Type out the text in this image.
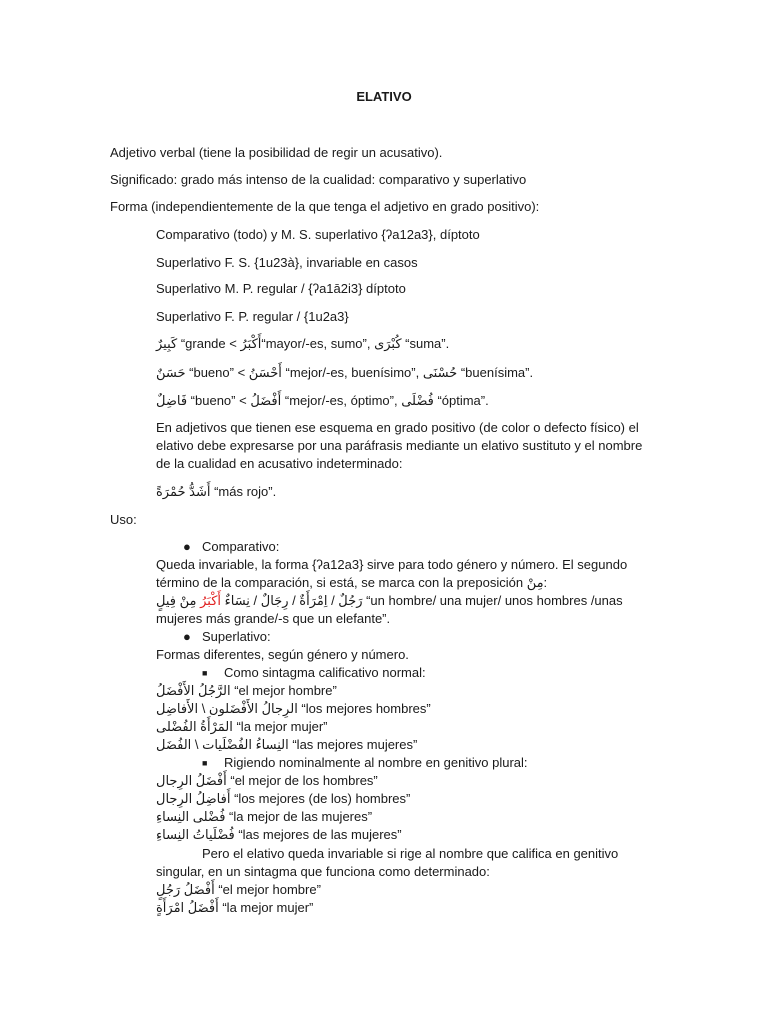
ELATIVO
Adjetivo verbal (tiene la posibilidad de regir un acusativo).
Significado: grado más intenso de la cualidad: comparativo y superlativo
Forma (independientemente de la que tenga el adjetivo en grado positivo):
Comparativo (todo) y M. S. superlativo {ʔa12a3}, díptoto
Superlativo F. S. {1u23à}, invariable en casos
Superlativo M. P. regular / {ʔa1ā2i3} díptoto
Superlativo F. P. regular / {1u2a3}
كَبِيرٌ “grande < أَكْبَرُ“mayor/-es, sumo”, كُبْرَى “suma”.
حَسَنٌ “bueno” < أَحْسَنُ “mejor/-es, buenísimo”, حُسْنَى “buenísima”.
فَاضِلٌ “bueno” < أَفْضَلُ “mejor/-es, óptimo”, فُضْلَى “óptima”.
En adjetivos que tienen ese esquema en grado positivo (de color o defecto físico) el
elativo debe expresarse por una paráfrasis mediante un elativo sustituto y el nombre
de la cualidad en acusativo indeterminado:
أَشَدُّ حُمْرَةً “más rojo”.
Uso:
● Comparativo:
Queda invariable, la forma {ʔa12a3} sirve para todo género y número. El segundo
término de la comparación, si está, se marca con la preposición مِنْ:
رَجُلٌ / اِمْرَأَةٌ / رِجَالٌ / نِسَاءٌ أَكْبَرُ مِنْ فِيلٍ	“un hombre/ una mujer/ unos hombres /unas
mujeres más grande/-s que un elefante”.
● Superlativo:
Formas diferentes, según género y número.
■ Como sintagma calificativo normal:
الرَّجُلُ الأَفْضَلُ “el mejor hombre”
الرِجالُ الأَفْضَلون \ الأَفاضِل “los mejores hombres”
المَرْأَةُ الفُضْلى “la mejor mujer”
النِساءُ الفُضْلَيات \ الفُضَل “las mejores mujeres”
■ Rigiendo nominalmente al nombre en genitivo plural:
أَفْضَلُ الرِجال “el mejor de los hombres”
أَفاضِلُ الرِجال “los mejores (de los) hombres”
فُضْلى النِساءِ “la mejor de las mujeres”
فُضْلَياتُ النِساءِ “las mejores de las mujeres”
Pero el elativo queda invariable si rige al nombre que califica en genitivo
singular, en un sintagma que funciona como determinado:
أَفْضَلُ رَجُلٍ “el mejor hombre”
أَفْضَلُ امْرَأَةٍ “la mejor mujer”
